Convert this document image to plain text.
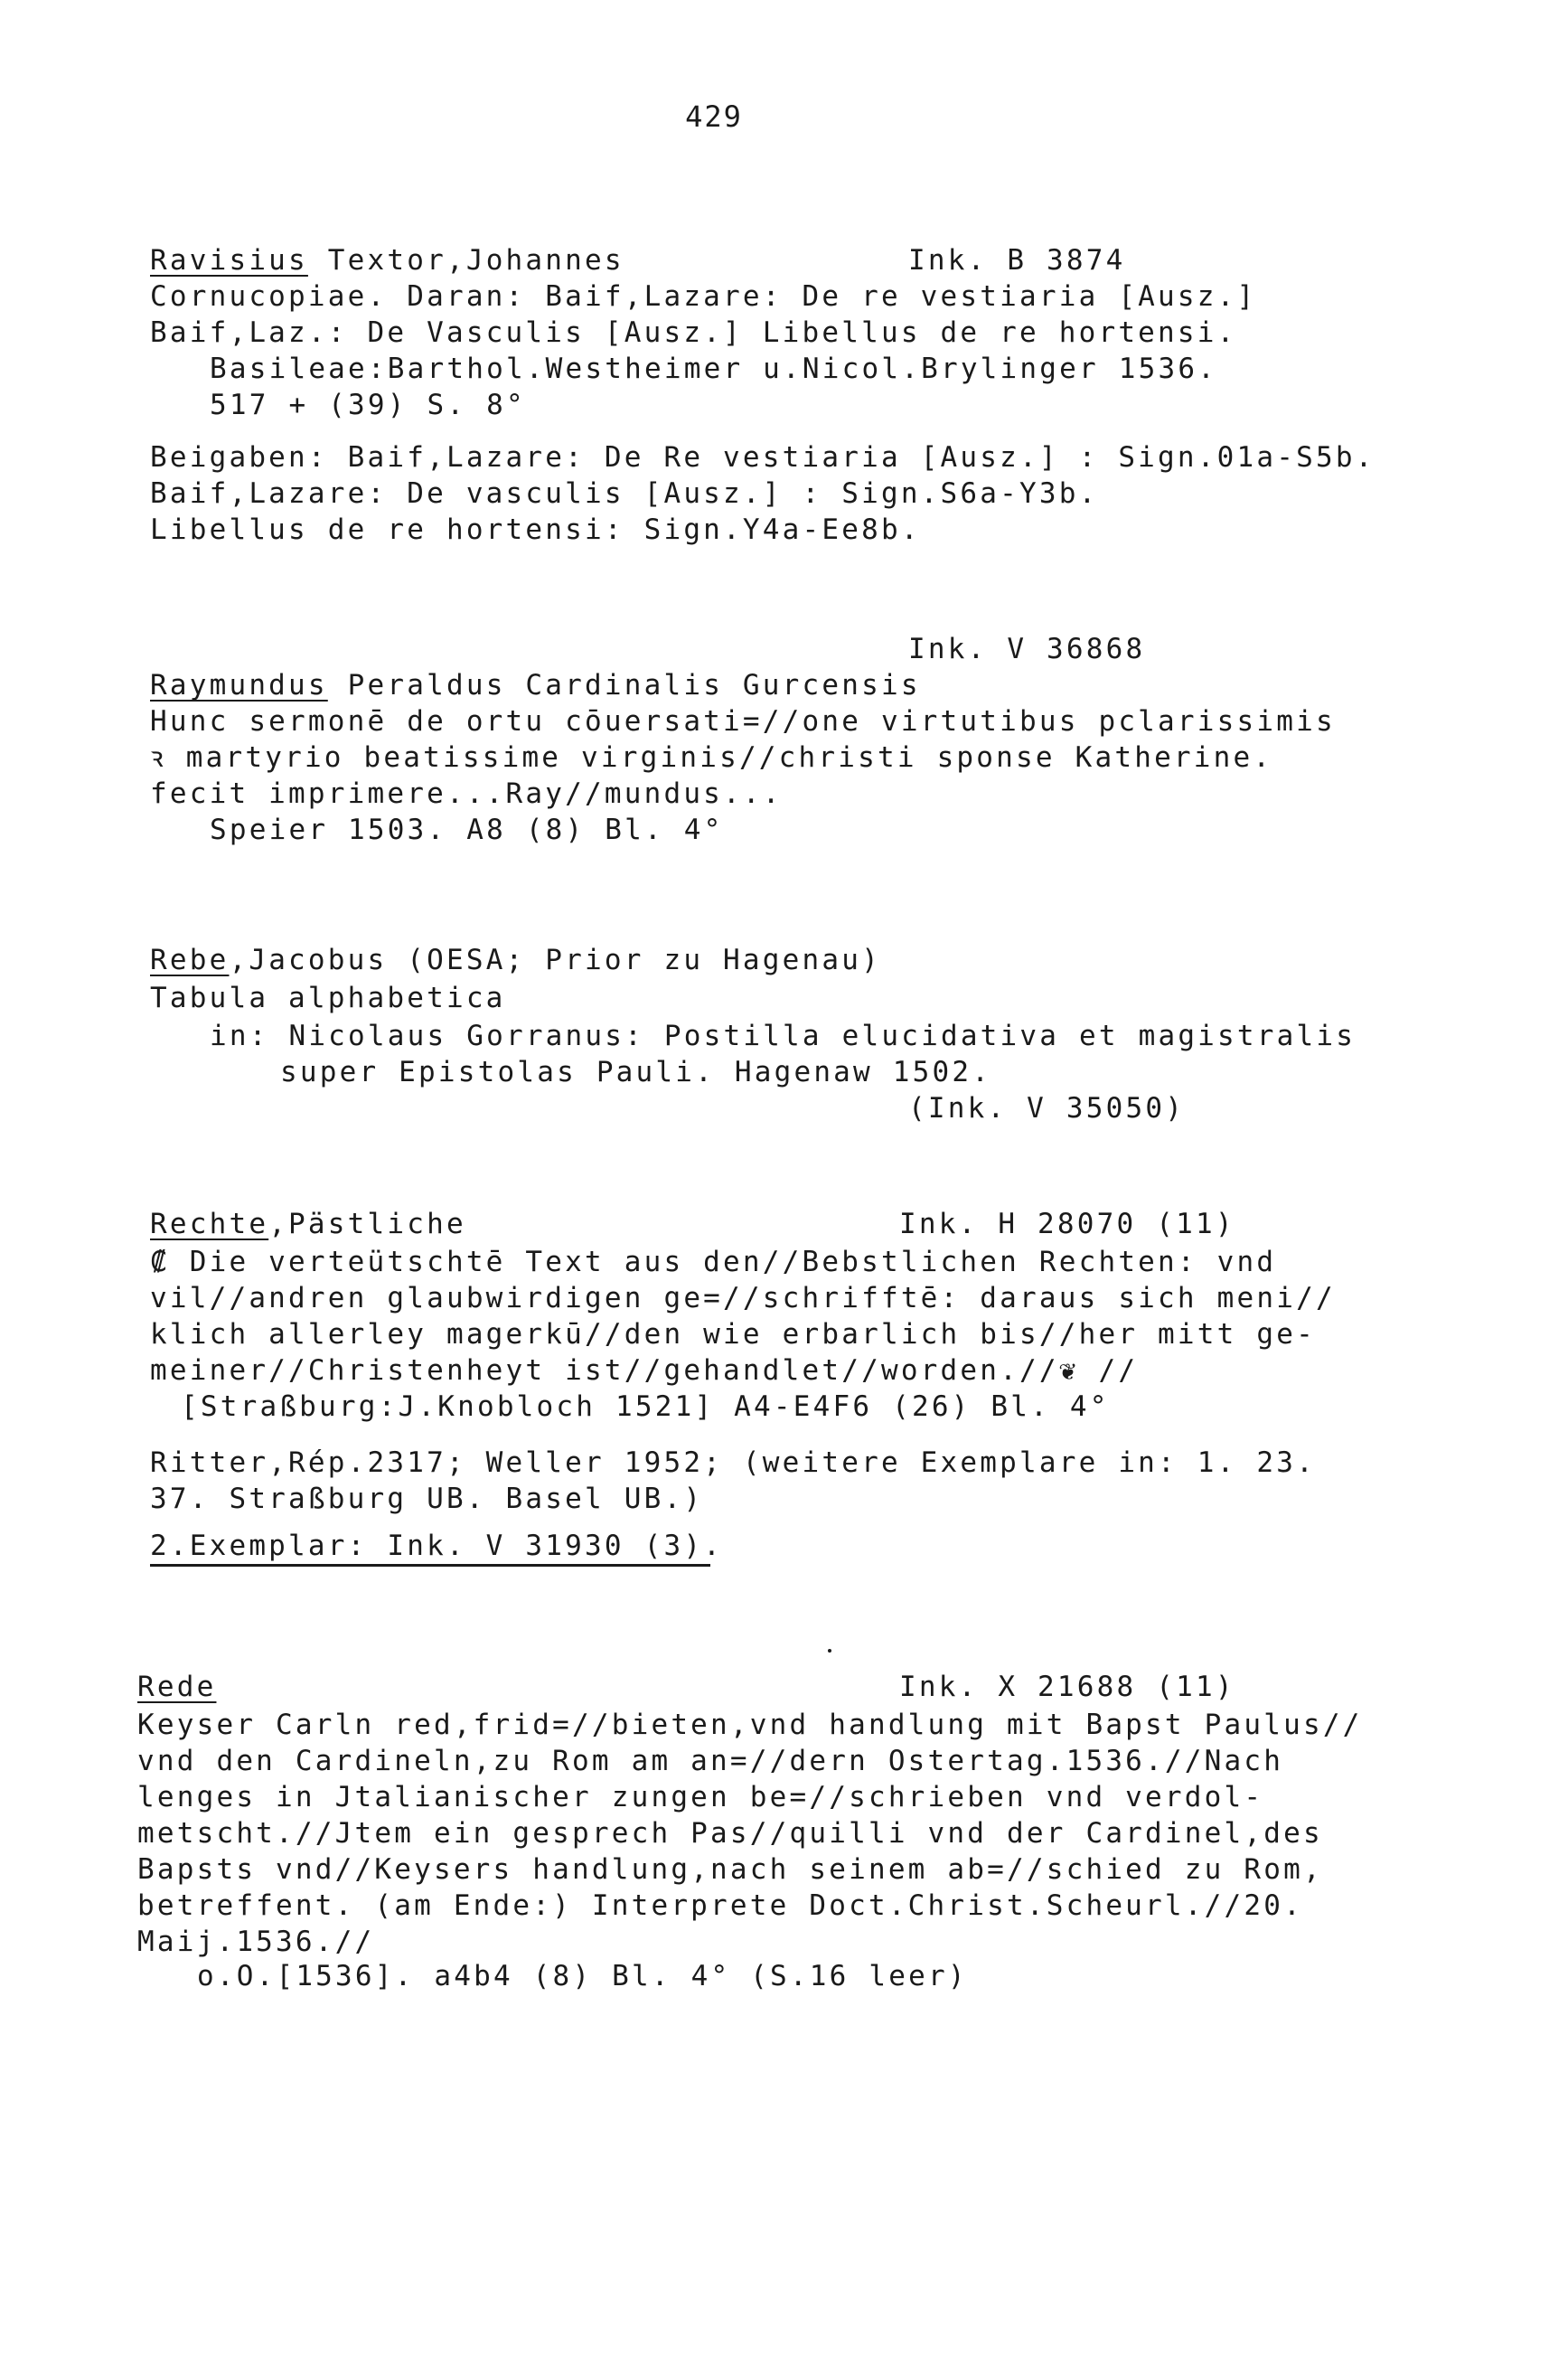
429
Ravisius Textor,Johannes	Ink. B 3874
Cornucopiae. Daran: Baif,Lazare: De re vestiaria [Ausz.]
Baif,Laz.: De Vasculis [Ausz.] Libellus de re hortensi.
Basileae:Barthol.Westheimer u.Nicol.Brylinger 1536.
517 + (39) S. 8°
Beigaben: Baif,Lazare: De Re vestiaria [Ausz.] : Sign.01a-S5b.
Baif,Lazare: De vasculis [Ausz.] : Sign.S6a-Y3b.
Libellus de re hortensi: Sign.Y4a-Ee8b.
Ink. V 36868
Raymundus Peraldus Cardinalis Gurcensis
Hunc sermonē de ortu cōuersati=//one virtutibus pclarissimis
ꝛ martyrio beatissime virginis//christi sponse Katherine.
fecit imprimere...Ray//mundus...
Speier 1503. A8 (8) Bl. 4°
Rebe,Jacobus (OESA; Prior zu Hagenau)
Tabula alphabetica
in: Nicolaus Gorranus: Postilla elucidativa et magistralis
super Epistolas Pauli. Hagenaw 1502.
(Ink. V 35050)
Rechte,Pästliche	Ink. H 28070 (11)
₡ Die verteütschtē Text aus den//Bebstlichen Rechten: vnd
vil//andren glaubwirdigen ge=//schrifftē: daraus sich meni//
klich allerley magerkū//den wie erbarlich bis//her mitt ge-
meiner//Christenheyt ist//gehandlet//worden.//❦ //
[Straßburg:J.Knobloch 1521] A4-E4F6 (26) Bl. 4°
Ritter,Rép.2317; Weller 1952; (weitere Exemplare in: 1. 23.
37. Straßburg UB. Basel UB.)
2.Exemplar: Ink. V 31930 (3).
Rede	Ink. X 21688 (11)
Keyser Carln red,frid=//bieten,vnd handlung mit Bapst Paulus//
vnd den Cardineln,zu Rom am an=//dern Ostertag.1536.//Nach
lenges in Jtalianischer zungen be=//schrieben vnd verdol-
metscht.//Jtem ein gesprech Pas//quilli vnd der Cardinel,des
Bapsts vnd//Keysers handlung,nach seinem ab=//schied zu Rom,
betreffent. (am Ende:) Interprete Doct.Christ.Scheurl.//20.
Maij.1536.//
o.O.[1536]. a4b4 (8) Bl. 4° (S.16 leer)
